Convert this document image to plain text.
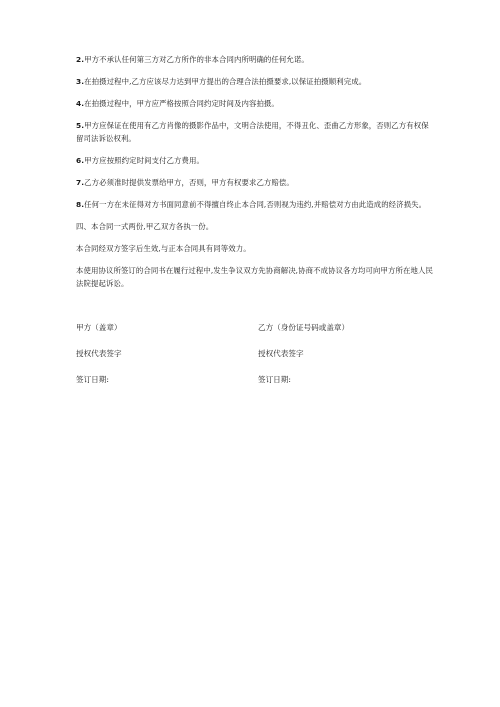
2.甲方不承认任何第三方对乙方所作的非本合同内所明确的任何允诺。

3.在拍摄过程中,乙方应该尽力达到甲方提出的合理合法拍摄要求,以保证拍摄顺利完成。

4.在拍摄过程中，甲方应严格按照合同约定时间及内容拍摄。

5.甲方应保证在使用有乙方肖像的摄影作品中，文明合法使用，不得丑化、歪曲乙方形象，否则乙方有权保留司法诉讼权利。

6.甲方应按照约定时间支付乙方费用。

7.乙方必须准时提供发票给甲方，否则，甲方有权要求乙方赔偿。

8.任何一方在未征得对方书面同意前不得擅自终止本合同,否则视为违约,并赔偿对方由此造成的经济损失。

四、本合同一式两份,甲乙双方各执一份。

本合同经双方签字后生效,与正本合同具有同等效力。

本使用协议所签订的合同书在履行过程中,发生争议双方先协商解决,协商不成协议各方均可向甲方所在地人民法院提起诉讼。

甲方（盖章）	乙方（身份证号码或盖章）
授权代表签字	授权代表签字
签订日期:	签订日期:
